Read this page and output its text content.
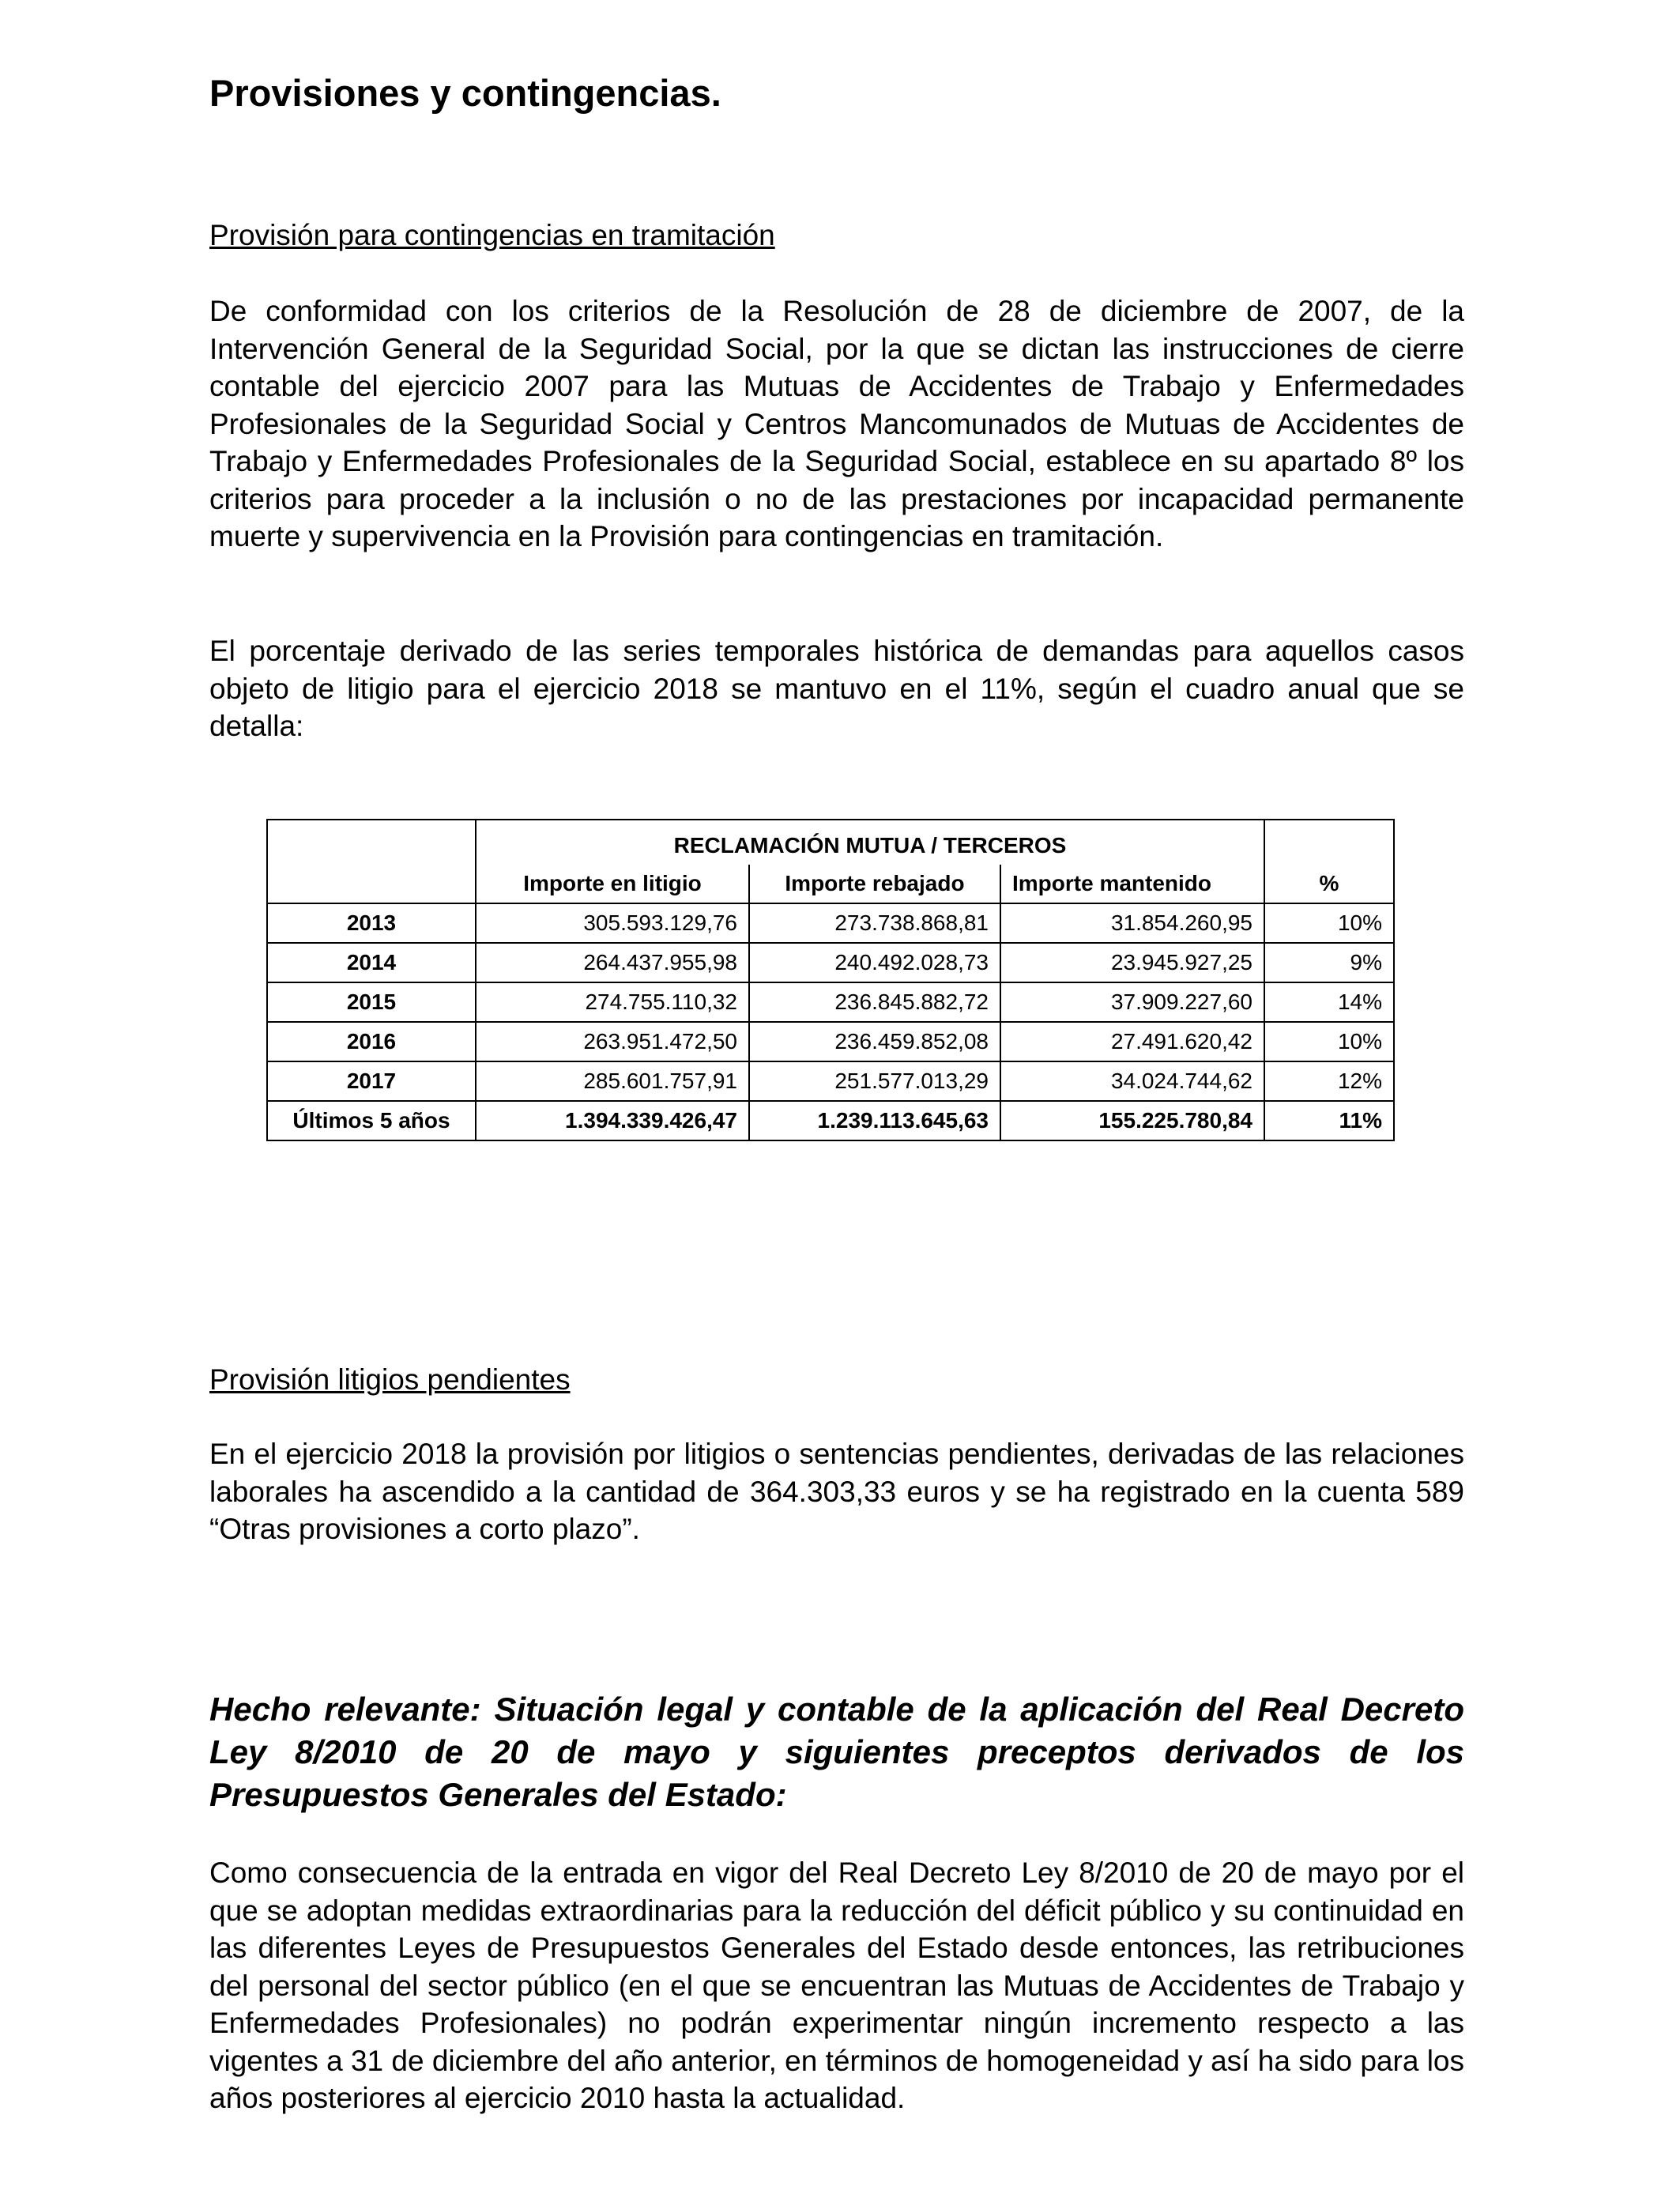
Provisiones y contingencias.

Provisión para contingencias en tramitación

De conformidad con los criterios de la Resolución de 28 de diciembre de 2007, de la Intervención General de la Seguridad Social, por la que se dictan las instrucciones de cierre contable del ejercicio 2007 para las Mutuas de Accidentes de Trabajo y Enfermedades Profesionales de la Seguridad Social y Centros Mancomunados de Mutuas de Accidentes de Trabajo y Enfermedades Profesionales de la Seguridad Social, establece en su apartado 8º los criterios para proceder a la inclusión o no de las prestaciones por incapacidad permanente muerte y supervivencia en la Provisión para contingencias en tramitación.

El porcentaje derivado de las series temporales histórica de demandas para aquellos casos objeto de litigio para el ejercicio 2018 se mantuvo en el 11%, según el cuadro anual que se detalla:

	RECLAMACIÓN MUTUA / TERCEROS			
	Importe en litigio	Importe rebajado	Importe mantenido	%
2013	305.593.129,76	273.738.868,81	31.854.260,95	10%
2014	264.437.955,98	240.492.028,73	23.945.927,25	9%
2015	274.755.110,32	236.845.882,72	37.909.227,60	14%
2016	263.951.472,50	236.459.852,08	27.491.620,42	10%
2017	285.601.757,91	251.577.013,29	34.024.744,62	12%
Últimos 5 años	1.394.339.426,47	1.239.113.645,63	155.225.780,84	11%

Provisión litigios pendientes

En el ejercicio 2018 la provisión por litigios o sentencias pendientes, derivadas de las relaciones laborales ha ascendido a la cantidad de 364.303,33 euros y se ha registrado en la cuenta 589 “Otras provisiones a corto plazo”.

Hecho relevante: Situación legal y contable de la aplicación del Real Decreto Ley 8/2010 de 20 de mayo y siguientes preceptos derivados de los Presupuestos Generales del Estado:

Como consecuencia de la entrada en vigor del Real Decreto Ley 8/2010 de 20 de mayo por el que se adoptan medidas extraordinarias para la reducción del déficit público y su continuidad en las diferentes Leyes de Presupuestos Generales del Estado desde entonces, las retribuciones del personal del sector público (en el que se encuentran las Mutuas de Accidentes de Trabajo y Enfermedades Profesionales) no podrán experimentar ningún incremento respecto a las vigentes a 31 de diciembre del año anterior, en términos de homogeneidad y así ha sido para los años posteriores al ejercicio 2010 hasta la actualidad.
